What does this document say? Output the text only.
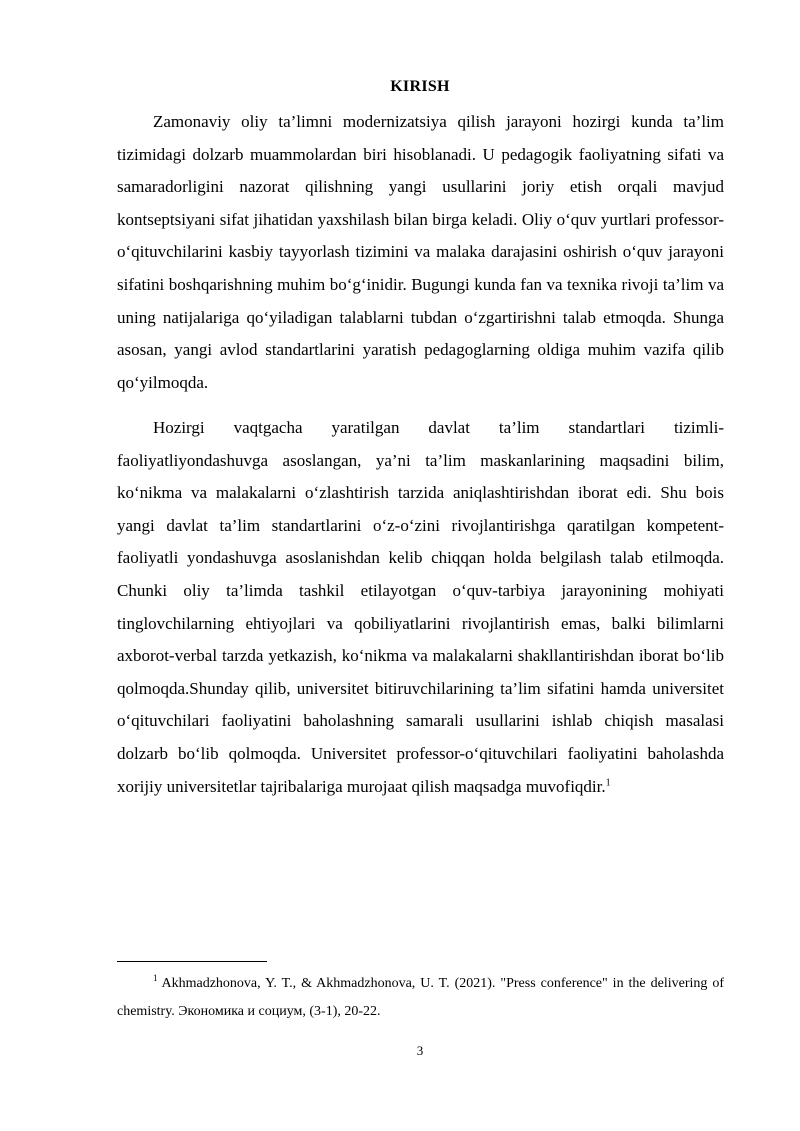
KIRISH

Zamonaviy oliy ta’limni modernizatsiya qilish jarayoni hozirgi kunda ta’lim tizimidagi dolzarb muammolardan biri hisoblanadi. U pedagogik faoliyatning sifati va samaradorligini nazorat qilishning yangi usullarini joriy etish orqali mavjud kontseptsiyani sifat jihatidan yaxshilash bilan birga keladi. Oliy o‘quv yurtlari professor-o‘qituvchilarini kasbiy tayyorlash tizimini va malaka darajasini oshirish o‘quv jarayoni sifatini boshqarishning muhim bo‘g‘inidir. Bugungi kunda fan va texnika rivoji ta’lim va uning natijalariga qo‘yiladigan talablarni tubdan o‘zgartirishni talab etmoqda. Shunga asosan, yangi avlod standartlarini yaratish pedagoglarning oldiga muhim vazifa qilib qo‘yilmoqda.

Hozirgi vaqtgacha yaratilgan davlat ta’lim standartlari tizimli-faoliyatliyondashuvga asoslangan, ya’ni ta’lim maskanlarining maqsadini bilim, ko‘nikma va malakalarni o‘zlashtirish tarzida aniqlashtirishdan iborat edi. Shu bois yangi davlat ta’lim standartlarini o‘z-o‘zini rivojlantirishga qaratilgan kompetent-faoliyatli yondashuvga asoslanishdan kelib chiqqan holda belgilash talab etilmoqda. Chunki oliy ta’limda tashkil etilayotgan o‘quv-tarbiya jarayonining mohiyati tinglovchilarning ehtiyojlari va qobiliyatlarini rivojlantirish emas, balki bilimlarni axborot-verbal tarzda yetkazish, ko‘nikma va malakalarni shakllantirishdan iborat bo‘lib qolmoqda.Shunday qilib, universitet bitiruvchilarining ta’lim sifatini hamda universitet o‘qituvchilari faoliyatini baholashning samarali usullarini ishlab chiqish masalasi dolzarb bo‘lib qolmoqda. Universitet professor-o‘qituvchilari faoliyatini baholashda xorijiy universitetlar tajribalariga murojaat qilish maqsadga muvofiqdir.$^1$

$^1$ Akhmadzhonova, Y. T., & Akhmadzhonova, U. T. (2021). "Press conference" in the delivering of chemistry. Экономика и социум, (3-1), 20-22.

3
